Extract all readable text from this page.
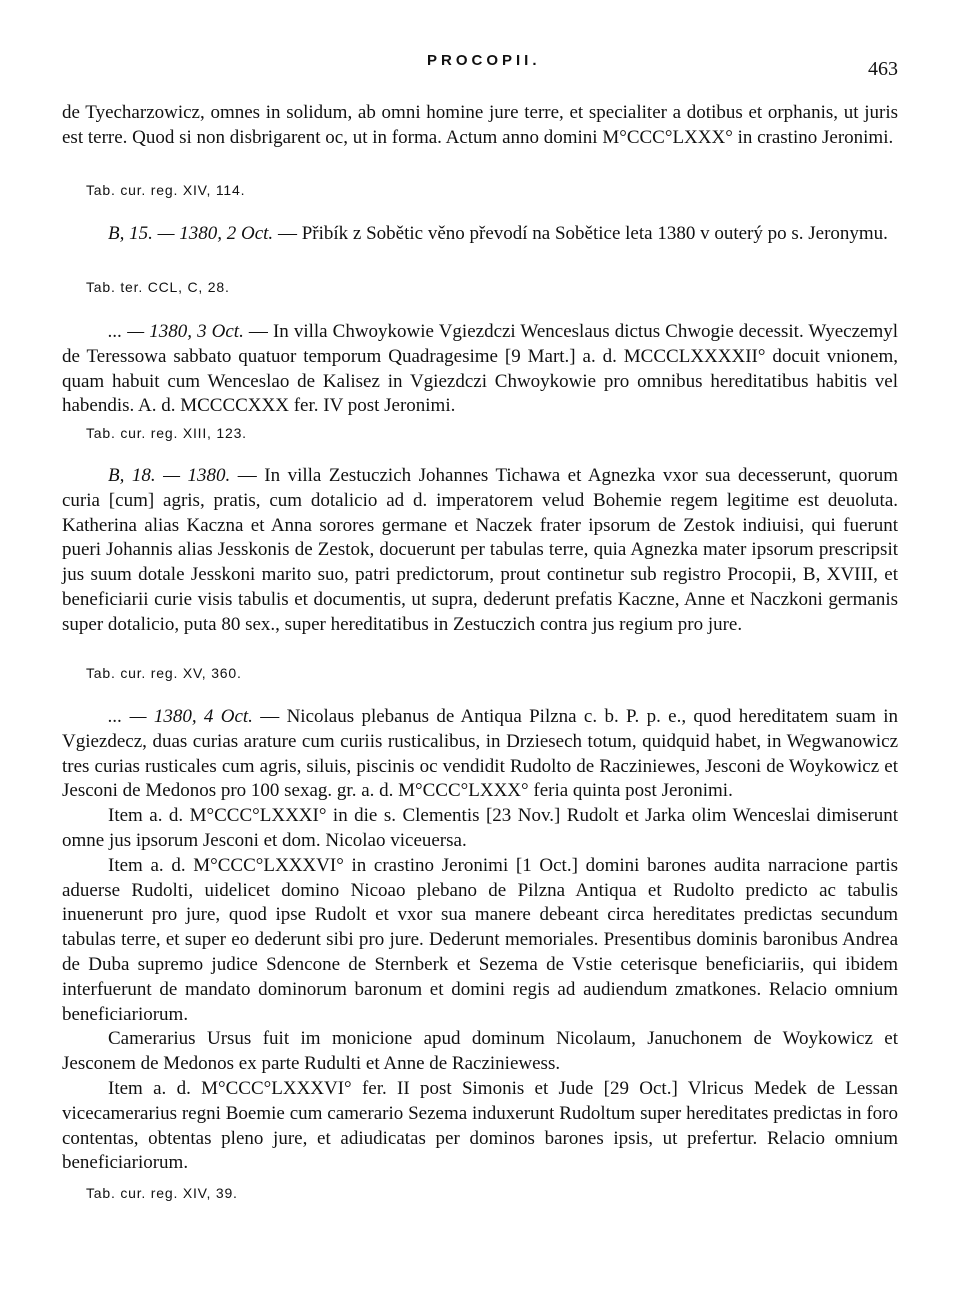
PROCOPII.	463

de Tyecharzowicz, omnes in solidum, ab omni homine jure terre, et specialiter a dotibus et orphanis, ut juris est terre. Quod si non disbrigarent oc, ut in forma. Actum anno domini M°CCC°LXXX° in crastino Jeronimi.

Tab. cur. reg. XIV, 114.

B, 15. — 1380, 2 Oct. — Přibík z Sobětic věno převodí na Sobětice leta 1380 v outerý po s. Jeronymu.

Tab. ter. CCL, C, 28.

... — 1380, 3 Oct. — In villa Chwoykowie Vgiezdczi Wenceslaus dictus Chwogie decessit. Wyeczemyl de Teressowa sabbato quatuor temporum Quadragesime [9 Mart.] a. d. MCCCLXXXXII° docuit vnionem, quam habuit cum Wenceslao de Kalisez in Vgiezdczi Chwoykowie pro omnibus hereditatibus habitis vel habendis. A. d. MCCCCXXX fer. IV post Jeronimi.

Tab. cur. reg. XIII, 123.

B, 18. — 1380. — In villa Zestuczich Johannes Tichawa et Agnezka vxor sua decesserunt, quorum curia [cum] agris, pratis, cum dotalicio ad d. imperatorem velud Bohemie regem legitime est deuoluta. Katherina alias Kaczna et Anna sorores germane et Naczek frater ipsorum de Zestok indiuisi, qui fuerunt pueri Johannis alias Jesskonis de Zestok, docuerunt per tabulas terre, quia Agnezka mater ipsorum prescripsit jus suum dotale Jesskoni marito suo, patri predictorum, prout continetur sub registro Procopii, B, XVIII, et beneficiarii curie visis tabulis et documentis, ut supra, dederunt prefatis Kaczne, Anne et Naczkoni germanis super dotalicio, puta 80 sex., super hereditatibus in Zestuczich contra jus regium pro jure.

Tab. cur. reg. XV, 360.

... — 1380, 4 Oct. — Nicolaus plebanus de Antiqua Pilzna c. b. P. p. e., quod hereditatem suam in Vgiezdecz, duas curias arature cum curiis rusticalibus, in Drziesech totum, quidquid habet, in Wegwanowicz tres curias rusticales cum agris, siluis, piscinis oc vendidit Rudolto de Racziniewes, Jesconi de Woykowicz et Jesconi de Medonos pro 100 sexag. gr. a. d. M°CCC°LXXX° feria quinta post Jeronimi.

Item a. d. M°CCC°LXXXI° in die s. Clementis [23 Nov.] Rudolt et Jarka olim Wenceslai dimiserunt omne jus ipsorum Jesconi et dom. Nicolao viceuersa.

Item a. d. M°CCC°LXXXVI° in crastino Jeronimi [1 Oct.] domini barones audita narracione partis aduerse Rudolti, uidelicet domino Nicoao plebano de Pilzna Antiqua et Rudolto predicto ac tabulis inuenerunt pro jure, quod ipse Rudolt et vxor sua manere debeant circa hereditates predictas secundum tabulas terre, et super eo dederunt sibi pro jure. Dederunt memoriales. Presentibus dominis baronibus Andrea de Duba supremo judice Sdencone de Sternberk et Sezema de Vstie ceterisque beneficiariis, qui ibidem interfuerunt de mandato dominorum baronum et domini regis ad audiendum zmatkones. Relacio omnium beneficiariorum.

Camerarius Ursus fuit im monicione apud dominum Nicolaum, Januchonem de Woykowicz et Jesconem de Medonos ex parte Rudulti et Anne de Racziniewess.

Item a. d. M°CCC°LXXXVI° fer. II post Simonis et Jude [29 Oct.] Vlricus Medek de Lessan vicecamerarius regni Boemie cum camerario Sezema induxerunt Rudoltum super hereditates predictas in foro contentas, obtentas pleno jure, et adiudicatas per dominos barones ipsis, ut prefertur. Relacio omnium beneficiariorum.

Tab. cur. reg. XIV, 39.
